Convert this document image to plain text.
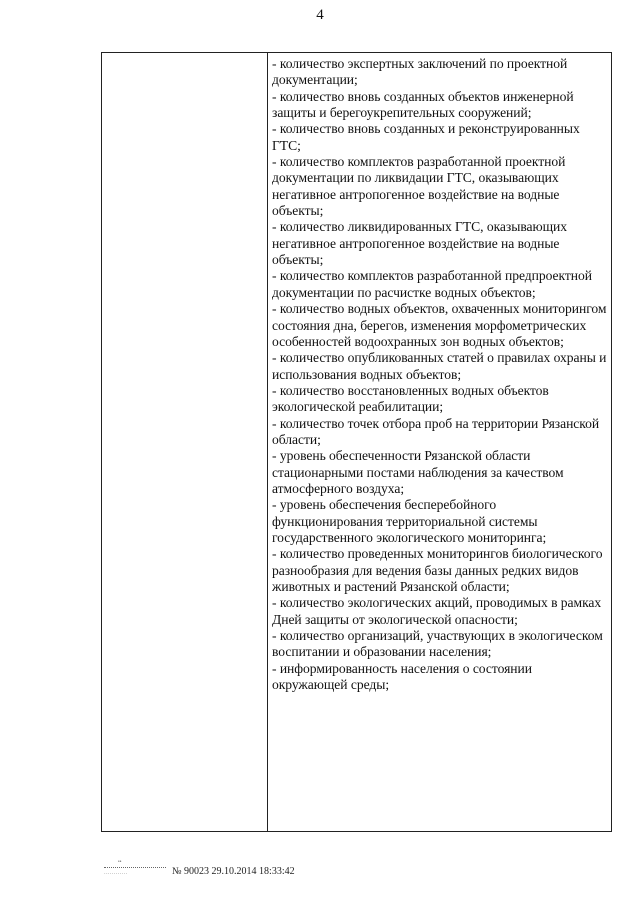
4

- количество экспертных заключений по проектной документации;

- количество вновь созданных объектов инженерной защиты и берегоукрепительных сооружений;

- количество вновь созданных и реконструированных ГТС;

- количество комплектов разработанной проектной документации по ликвидации ГТС, оказывающих негативное антропогенное воздействие на водные объекты;

- количество ликвидированных ГТС, оказывающих негативное антропогенное воздействие на водные объекты;

- количество комплектов разработанной предпроектной документации по расчистке водных объектов;

- количество водных объектов, охваченных мониторингом состояния дна, берегов, изменения морфометрических особенностей водоохранных зон водных объектов;

- количество опубликованных статей о правилах охраны и использования водных объектов;

- количество восстановленных водных объектов экологической реабилитации;

- количество точек отбора проб на территории Рязанской области;

- уровень обеспеченности Рязанской области стационарными постами наблюдения за качеством атмосферного воздуха;

- уровень обеспечения бесперебойного функционирования территориальной системы государственного экологического мониторинга;

- количество проведенных мониторингов биологического разнообразия для ведения базы данных редких видов животных и растений Рязанской области;

- количество экологических акций, проводимых в рамках Дней защиты от экологической опасности;

- количество организаций, участвующих в экологическом воспитании и образовании населения;

- информированность населения о состоянии окружающей среды;

••
············	№ 90023 29.10.2014 18:33:42
